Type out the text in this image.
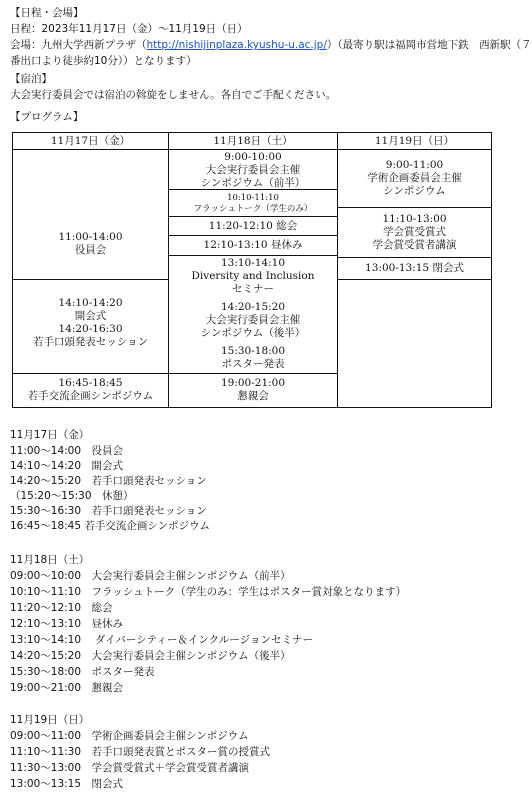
【日程・会場】
日程：2023年11月17日（金）～11月19日（日）
会場：九州大学西新プラザ（http://nishijinplaza.kyushu-u.ac.jp/）（最寄り駅は福岡市営地下鉄　西新駅（７
番出口より徒歩約10分））となります）
【宿泊】
大会実行委員会では宿泊の斡旋をしません。各自でご手配ください。
【プログラム】
11月17日（金）	11月18日（土）	11月19日（日）
11:00-14:00
役員会
14:10-14:20
開会式
14:20-16:30
若手口頭発表セッション
16:45-18:45
若手交流企画シンポジウム
9:00-10:00
大会実行委員会主催
シンポジウム（前半）
10:10-11:10
フラッシュトーク（学生のみ）
11:20-12:10 総会
12:10-13:10 昼休み
13:10-14:10
Diversity and Inclusion
セミナー
14:20-15:20
大会実行委員会主催
シンポジウム（後半）
15:30-18:00
ポスター発表
19:00-21:00
懇親会
9:00-11:00
学術企画委員会主催
シンポジウム
11:10-13:00
学会賞受賞式
学会賞受賞者講演
13:00-13:15 閉会式
11月17日（金）
11:00～14:00　役員会
14:10～14:20　開会式
14:20～15:20　若手口頭発表セッション
（15:20～15:30　休憩）
15:30～16:30　若手口頭発表セッション
16:45～18:45 若手交流企画シンポジウム
11月18日（土）
09:00～10:00　大会実行委員会主催シンポジウム（前半）
10:10～11:10　フラッシュトーク（学生のみ：学生はポスター賞対象となります）
11:20～12:10　総会
12:10～13:10　昼休み
13:10～14:10　 ダイバーシティー＆インクルージョンセミナー
14:20～15:20　大会実行委員会主催シンポジウム（後半）
15:30～18:00　ポスター発表
19:00～21:00　懇親会
11月19日（日）
09:00～11:00　学術企画委員会主催シンポジウム
11:10～11:30　若手口頭発表賞とポスター賞の授賞式
11:30～13:00　学会賞受賞式＋学会賞受賞者講演
13:00～13:15　閉会式
